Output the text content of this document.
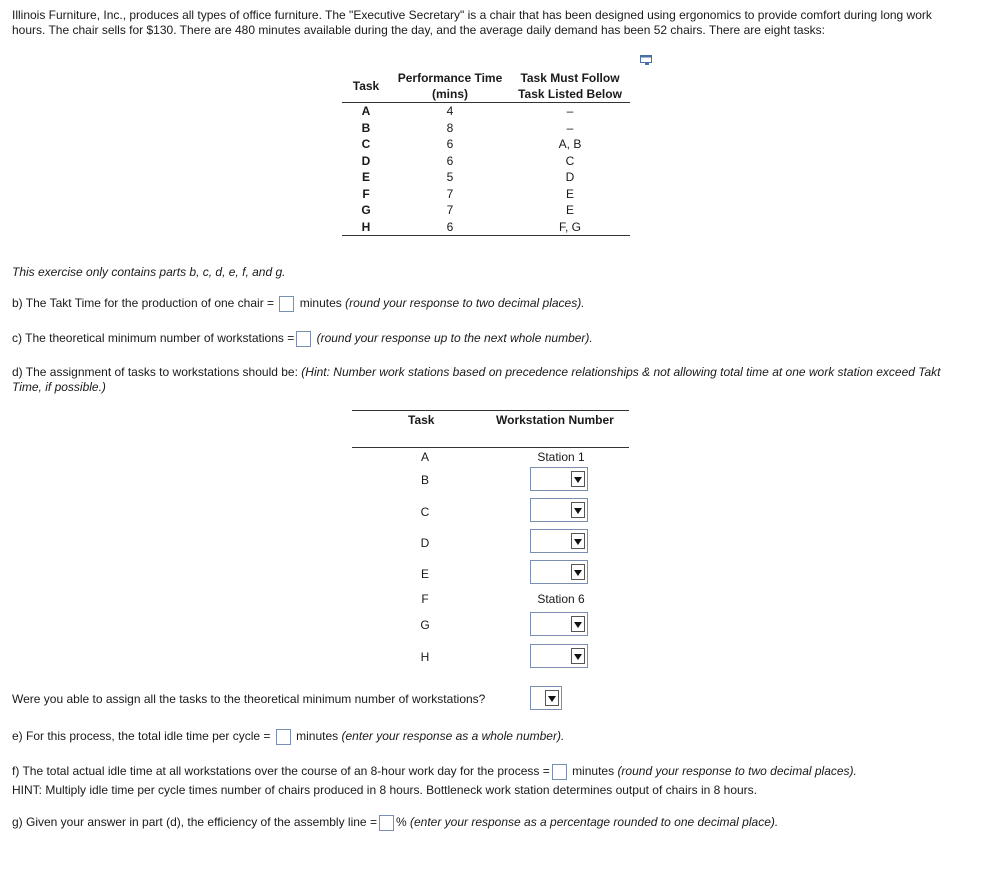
Illinois Furniture, Inc., produces all types of office furniture. The "Executive Secretary" is a chair that has been designed using ergonomics to provide comfort during long work hours. The chair sells for $130. There are 480 minutes available during the day, and the average daily demand has been 52 chairs. There are eight tasks:
Task	Performance Time
(mins)	Task Must Follow
Task Listed Below
A	4	–
B	8	–
C	6	A, B
D	6	C
E	5	D
F	7	E
G	7	E
H	6	F, G
This exercise only contains parts b, c, d, e, f, and g.
b) The Takt Time for the production of one chair = minutes (round your response to two decimal places).
c) The theoretical minimum number of workstations = (round your response up to the next whole number).
d) The assignment of tasks to workstations should be: (Hint: Number work stations based on precedence relationships & not allowing total time at one work station exceed Takt Time, if possible.)
Task	Workstation Number
A	Station 1
B
C
D
E
F	Station 6
G
H
Were you able to assign all the tasks to the theoretical minimum number of workstations?
e) For this process, the total idle time per cycle = minutes (enter your response as a whole number).
f) The total actual idle time at all workstations over the course of an 8-hour work day for the process = minutes (round your response to two decimal places).
HINT: Multiply idle time per cycle times number of chairs produced in 8 hours. Bottleneck work station determines output of chairs in 8 hours.
g) Given your answer in part (d), the efficiency of the assembly line = % (enter your response as a percentage rounded to one decimal place).
